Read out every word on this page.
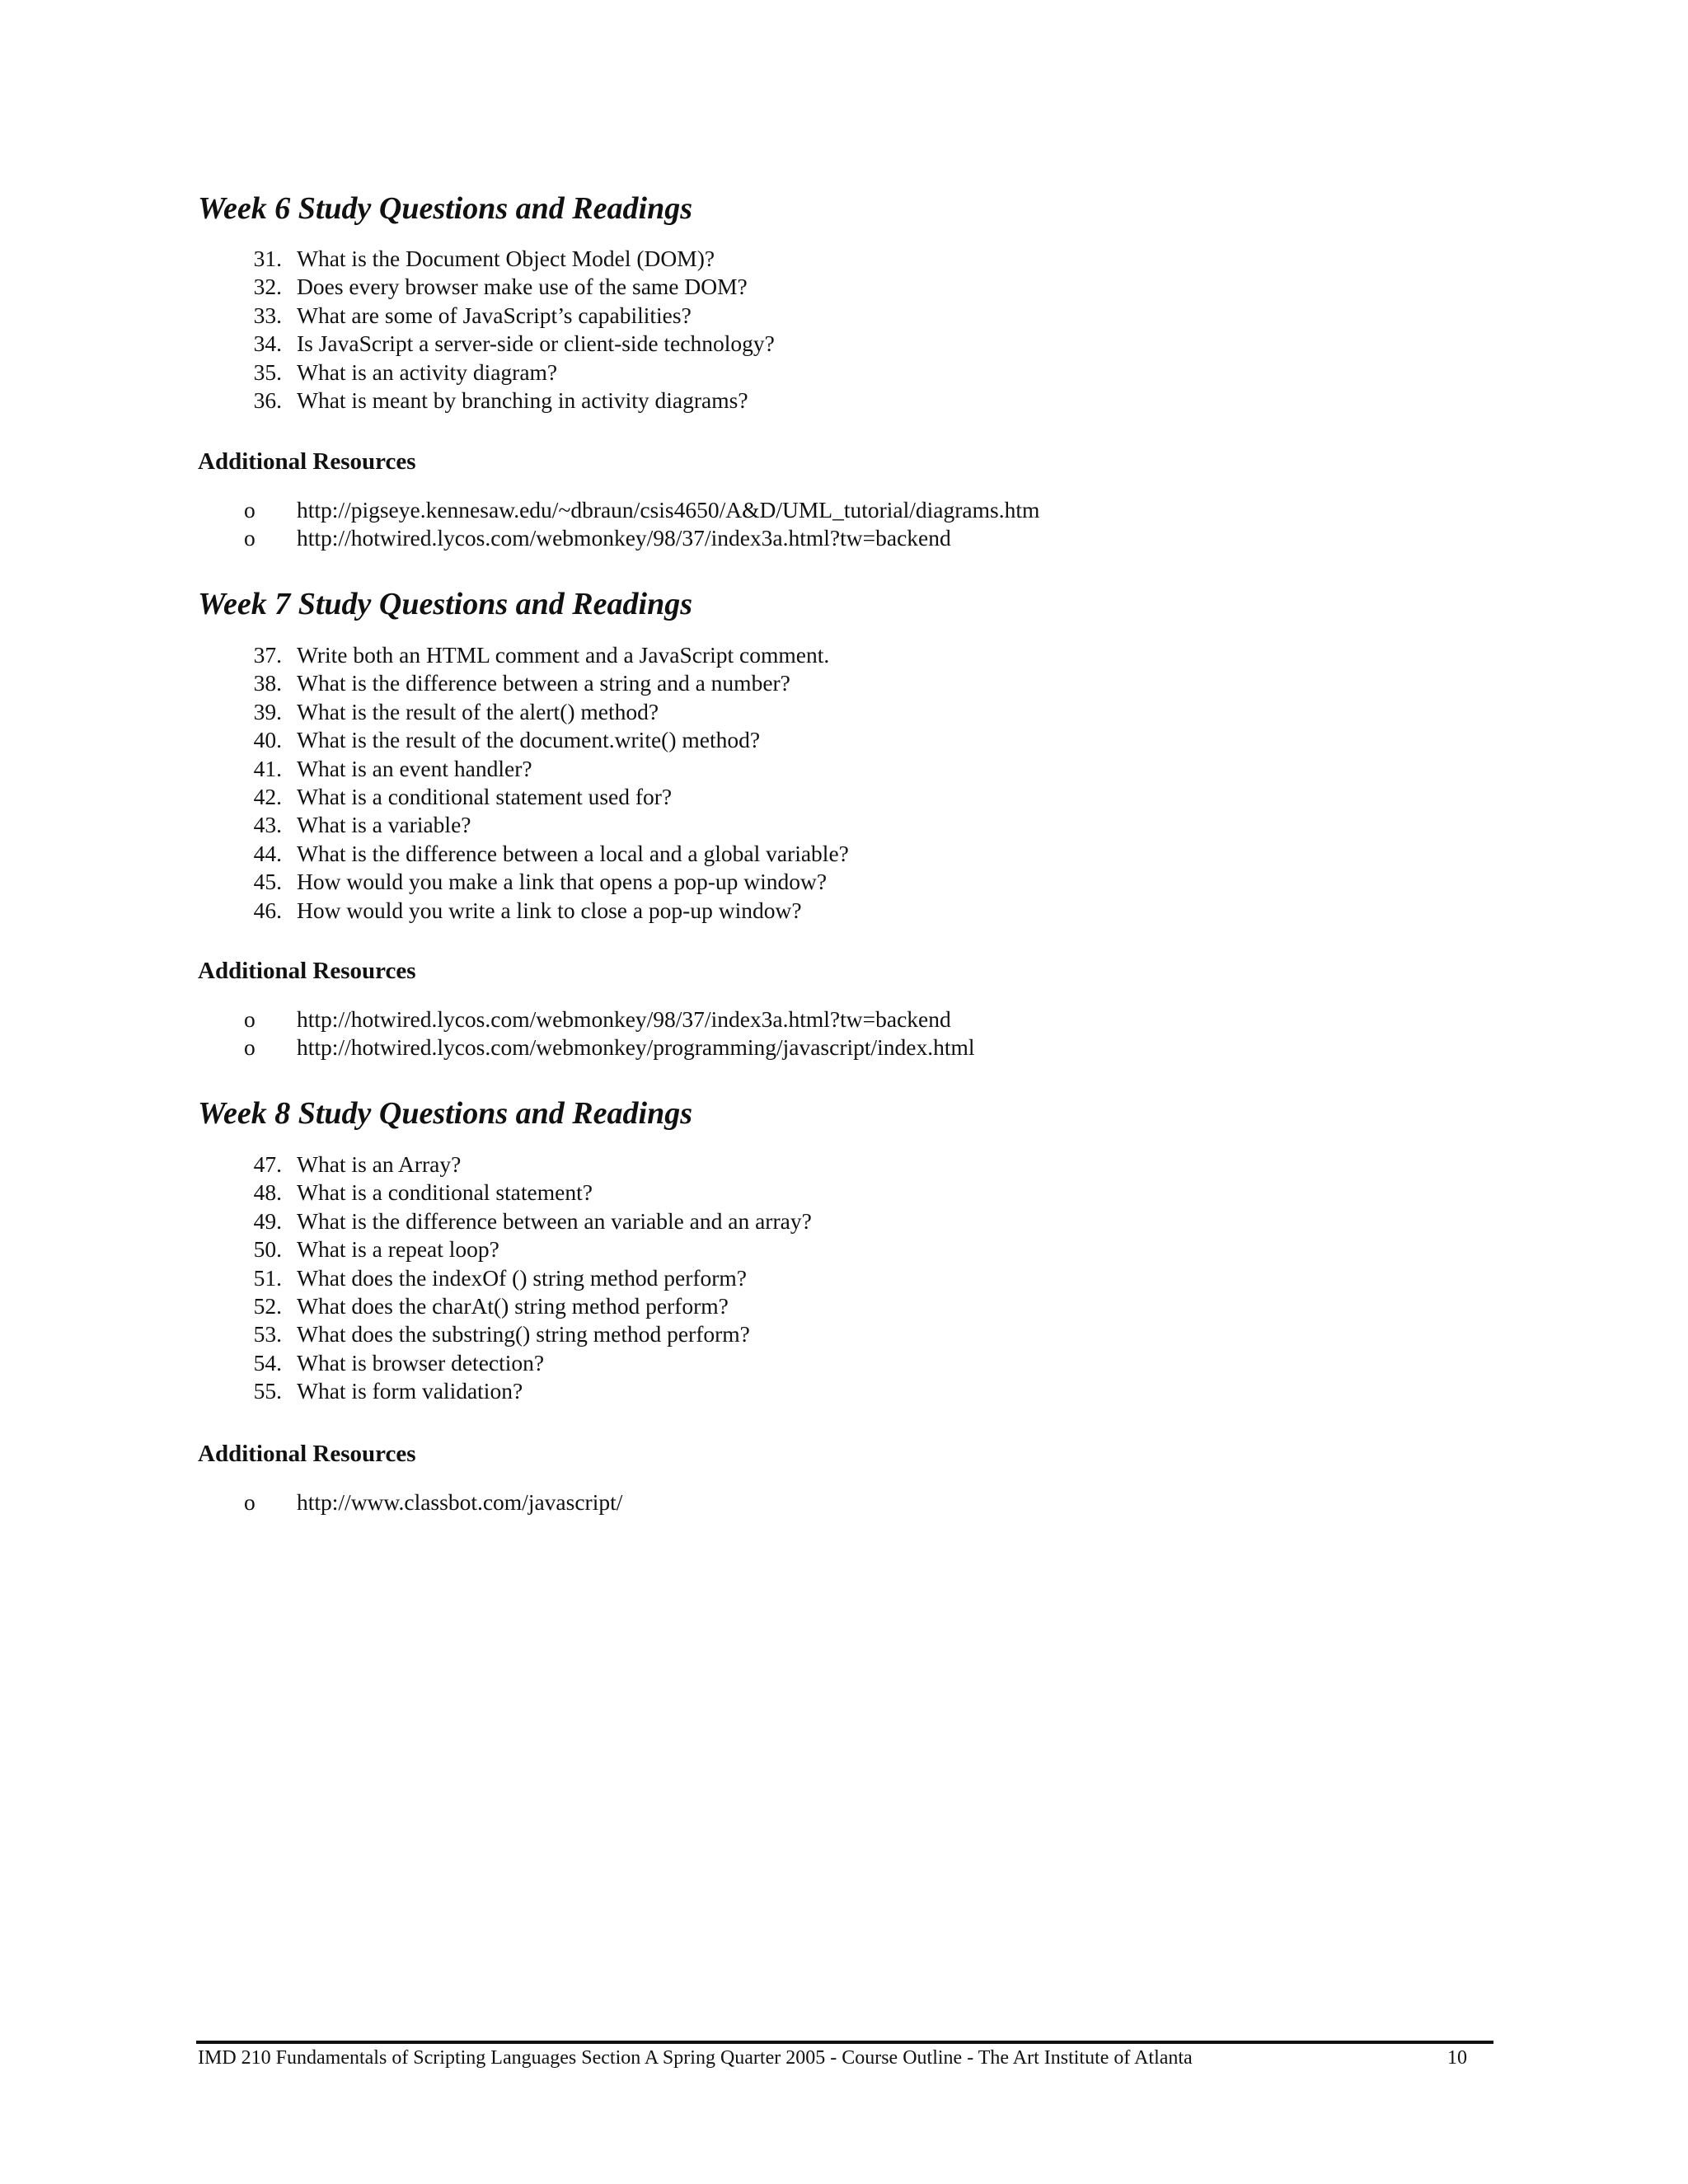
Week 6 Study Questions and Readings
31. What is the Document Object Model (DOM)?
32. Does every browser make use of the same DOM?
33. What are some of JavaScript’s capabilities?
34. Is JavaScript a server-side or client-side technology?
35. What is an activity diagram?
36. What is meant by branching in activity diagrams?
Additional Resources
o	http://pigseye.kennesaw.edu/~dbraun/csis4650/A&D/UML_tutorial/diagrams.htm
o	http://hotwired.lycos.com/webmonkey/98/37/index3a.html?tw=backend
Week 7 Study Questions and Readings
37. Write both an HTML comment and a JavaScript comment.
38. What is the difference between a string and a number?
39. What is the result of the alert() method?
40. What is the result of the document.write() method?
41. What is an event handler?
42. What is a conditional statement used for?
43. What is a variable?
44. What is the difference between a local and a global variable?
45. How would you make a link that opens a pop-up window?
46. How would you write a link to close a pop-up window?
Additional Resources
o	http://hotwired.lycos.com/webmonkey/98/37/index3a.html?tw=backend
o	http://hotwired.lycos.com/webmonkey/programming/javascript/index.html
Week 8 Study Questions and Readings
47. What is an Array?
48. What is a conditional statement?
49. What is the difference between an variable and an array?
50. What is a repeat loop?
51. What does the indexOf () string method perform?
52. What does the charAt() string method perform?
53. What does the substring() string method perform?
54. What is browser detection?
55. What is form validation?
Additional Resources
o	http://www.classbot.com/javascript/
IMD 210 Fundamentals of Scripting Languages Section A Spring Quarter 2005 - Course Outline - The Art Institute of Atlanta	10
